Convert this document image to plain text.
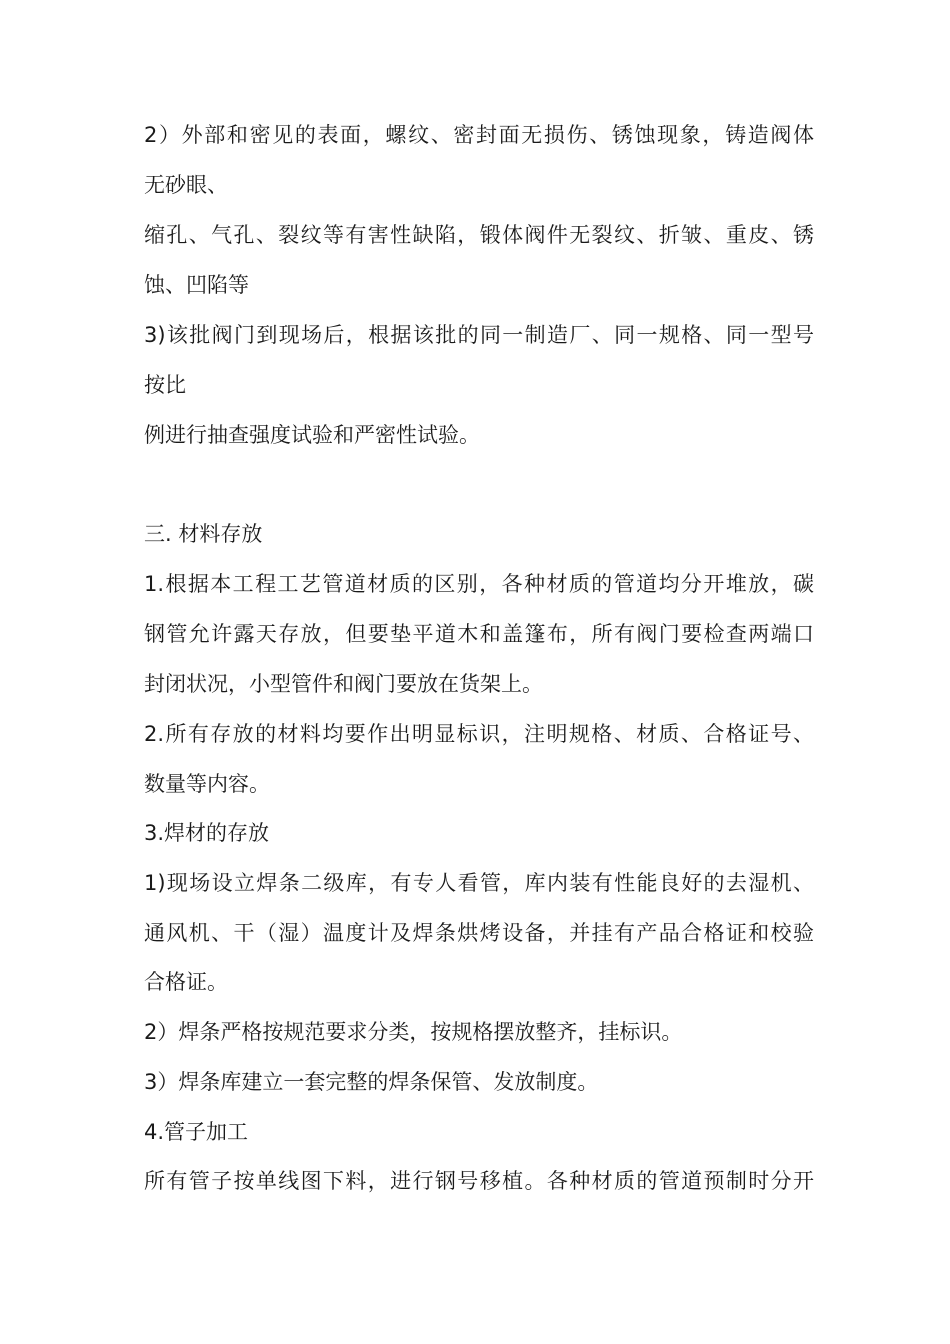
2）外部和密见的表面，螺纹、密封面无损伤、锈蚀现象，铸造阀体
无砂眼、
缩孔、气孔、裂纹等有害性缺陷，锻体阀件无裂纹、折皱、重皮、锈
蚀、凹陷等
3)该批阀门到现场后，根据该批的同一制造厂、同一规格、同一型号
按比
例进行抽查强度试验和严密性试验。
三. 材料存放
1.根据本工程工艺管道材质的区别，各种材质的管道均分开堆放，碳
钢管允许露天存放，但要垫平道木和盖篷布，所有阀门要检查两端口
封闭状况，小型管件和阀门要放在货架上。
2.所有存放的材料均要作出明显标识，注明规格、材质、合格证号、
数量等内容。
3.焊材的存放
1)现场设立焊条二级库，有专人看管，库内装有性能良好的去湿机、
通风机、干（湿）温度计及焊条烘烤设备，并挂有产品合格证和校验
合格证。
2）焊条严格按规范要求分类，按规格摆放整齐，挂标识。
3）焊条库建立一套完整的焊条保管、发放制度。
4.管子加工
所有管子按单线图下料，进行钢号移植。各种材质的管道预制时分开
